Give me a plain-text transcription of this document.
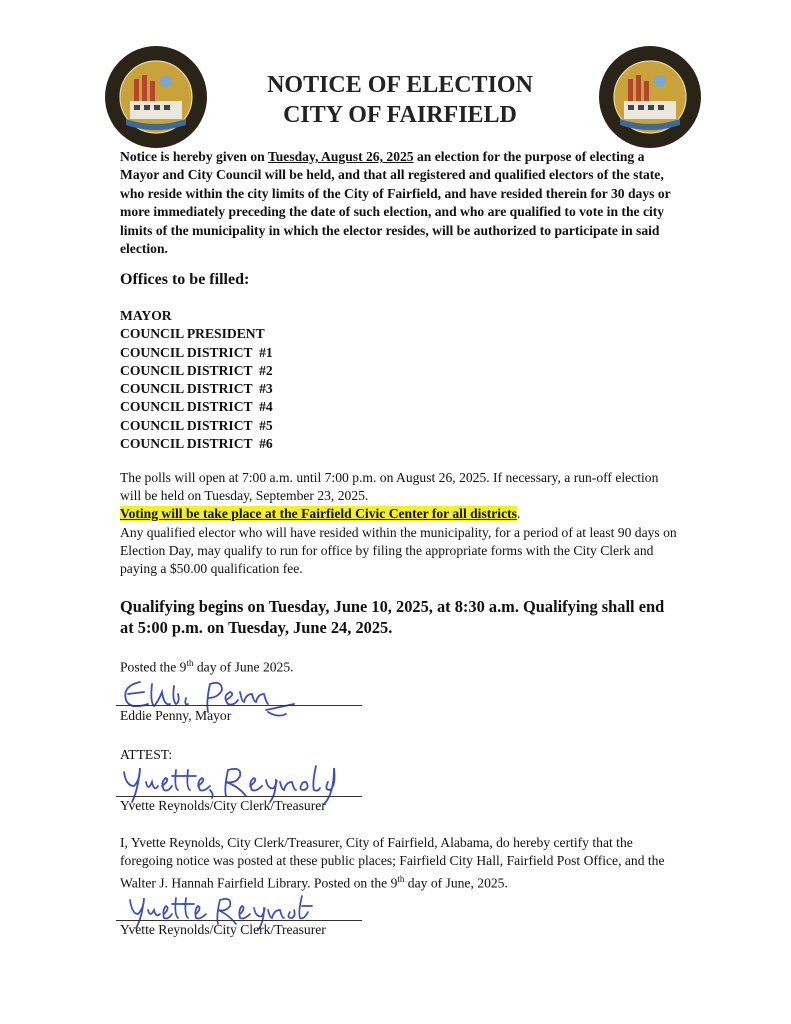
NOTICE OF ELECTION
CITY OF FAIRFIELD
Notice is hereby given on Tuesday, August 26, 2025 an election for the purpose of electing a Mayor and City Council will be held, and that all registered and qualified electors of the state, who reside within the city limits of the City of Fairfield, and have resided therein for 30 days or more immediately preceding the date of such election, and who are qualified to vote in the city limits of the municipality in which the elector resides, will be authorized to participate in said election.
Offices to be filled:
MAYOR
COUNCIL PRESIDENT
COUNCIL DISTRICT  #1
COUNCIL DISTRICT  #2
COUNCIL DISTRICT  #3
COUNCIL DISTRICT  #4
COUNCIL DISTRICT  #5
COUNCIL DISTRICT  #6
The polls will open at 7:00 a.m. until 7:00 p.m. on August 26, 2025. If necessary, a run-off election will be held on Tuesday, September 23, 2025.
Voting will be take place at the Fairfield Civic Center for all districts.
Any qualified elector who will have resided within the municipality, for a period of at least 90 days on Election Day, may qualify to run for office by filing the appropriate forms with the City Clerk and paying a $50.00 qualification fee.
Qualifying begins on Tuesday, June 10, 2025, at 8:30 a.m. Qualifying shall end at 5:00 p.m. on Tuesday, June 24, 2025.
Posted the 9th day of June 2025.
Eddie Penny, Mayor
ATTEST:
Yvette Reynolds/City Clerk/Treasurer
I, Yvette Reynolds, City Clerk/Treasurer, City of Fairfield, Alabama, do hereby certify that the foregoing notice was posted at these public places; Fairfield City Hall, Fairfield Post Office, and the Walter J. Hannah Fairfield Library. Posted on the 9th day of June, 2025.
Yvette Reynolds/City Clerk/Treasurer
